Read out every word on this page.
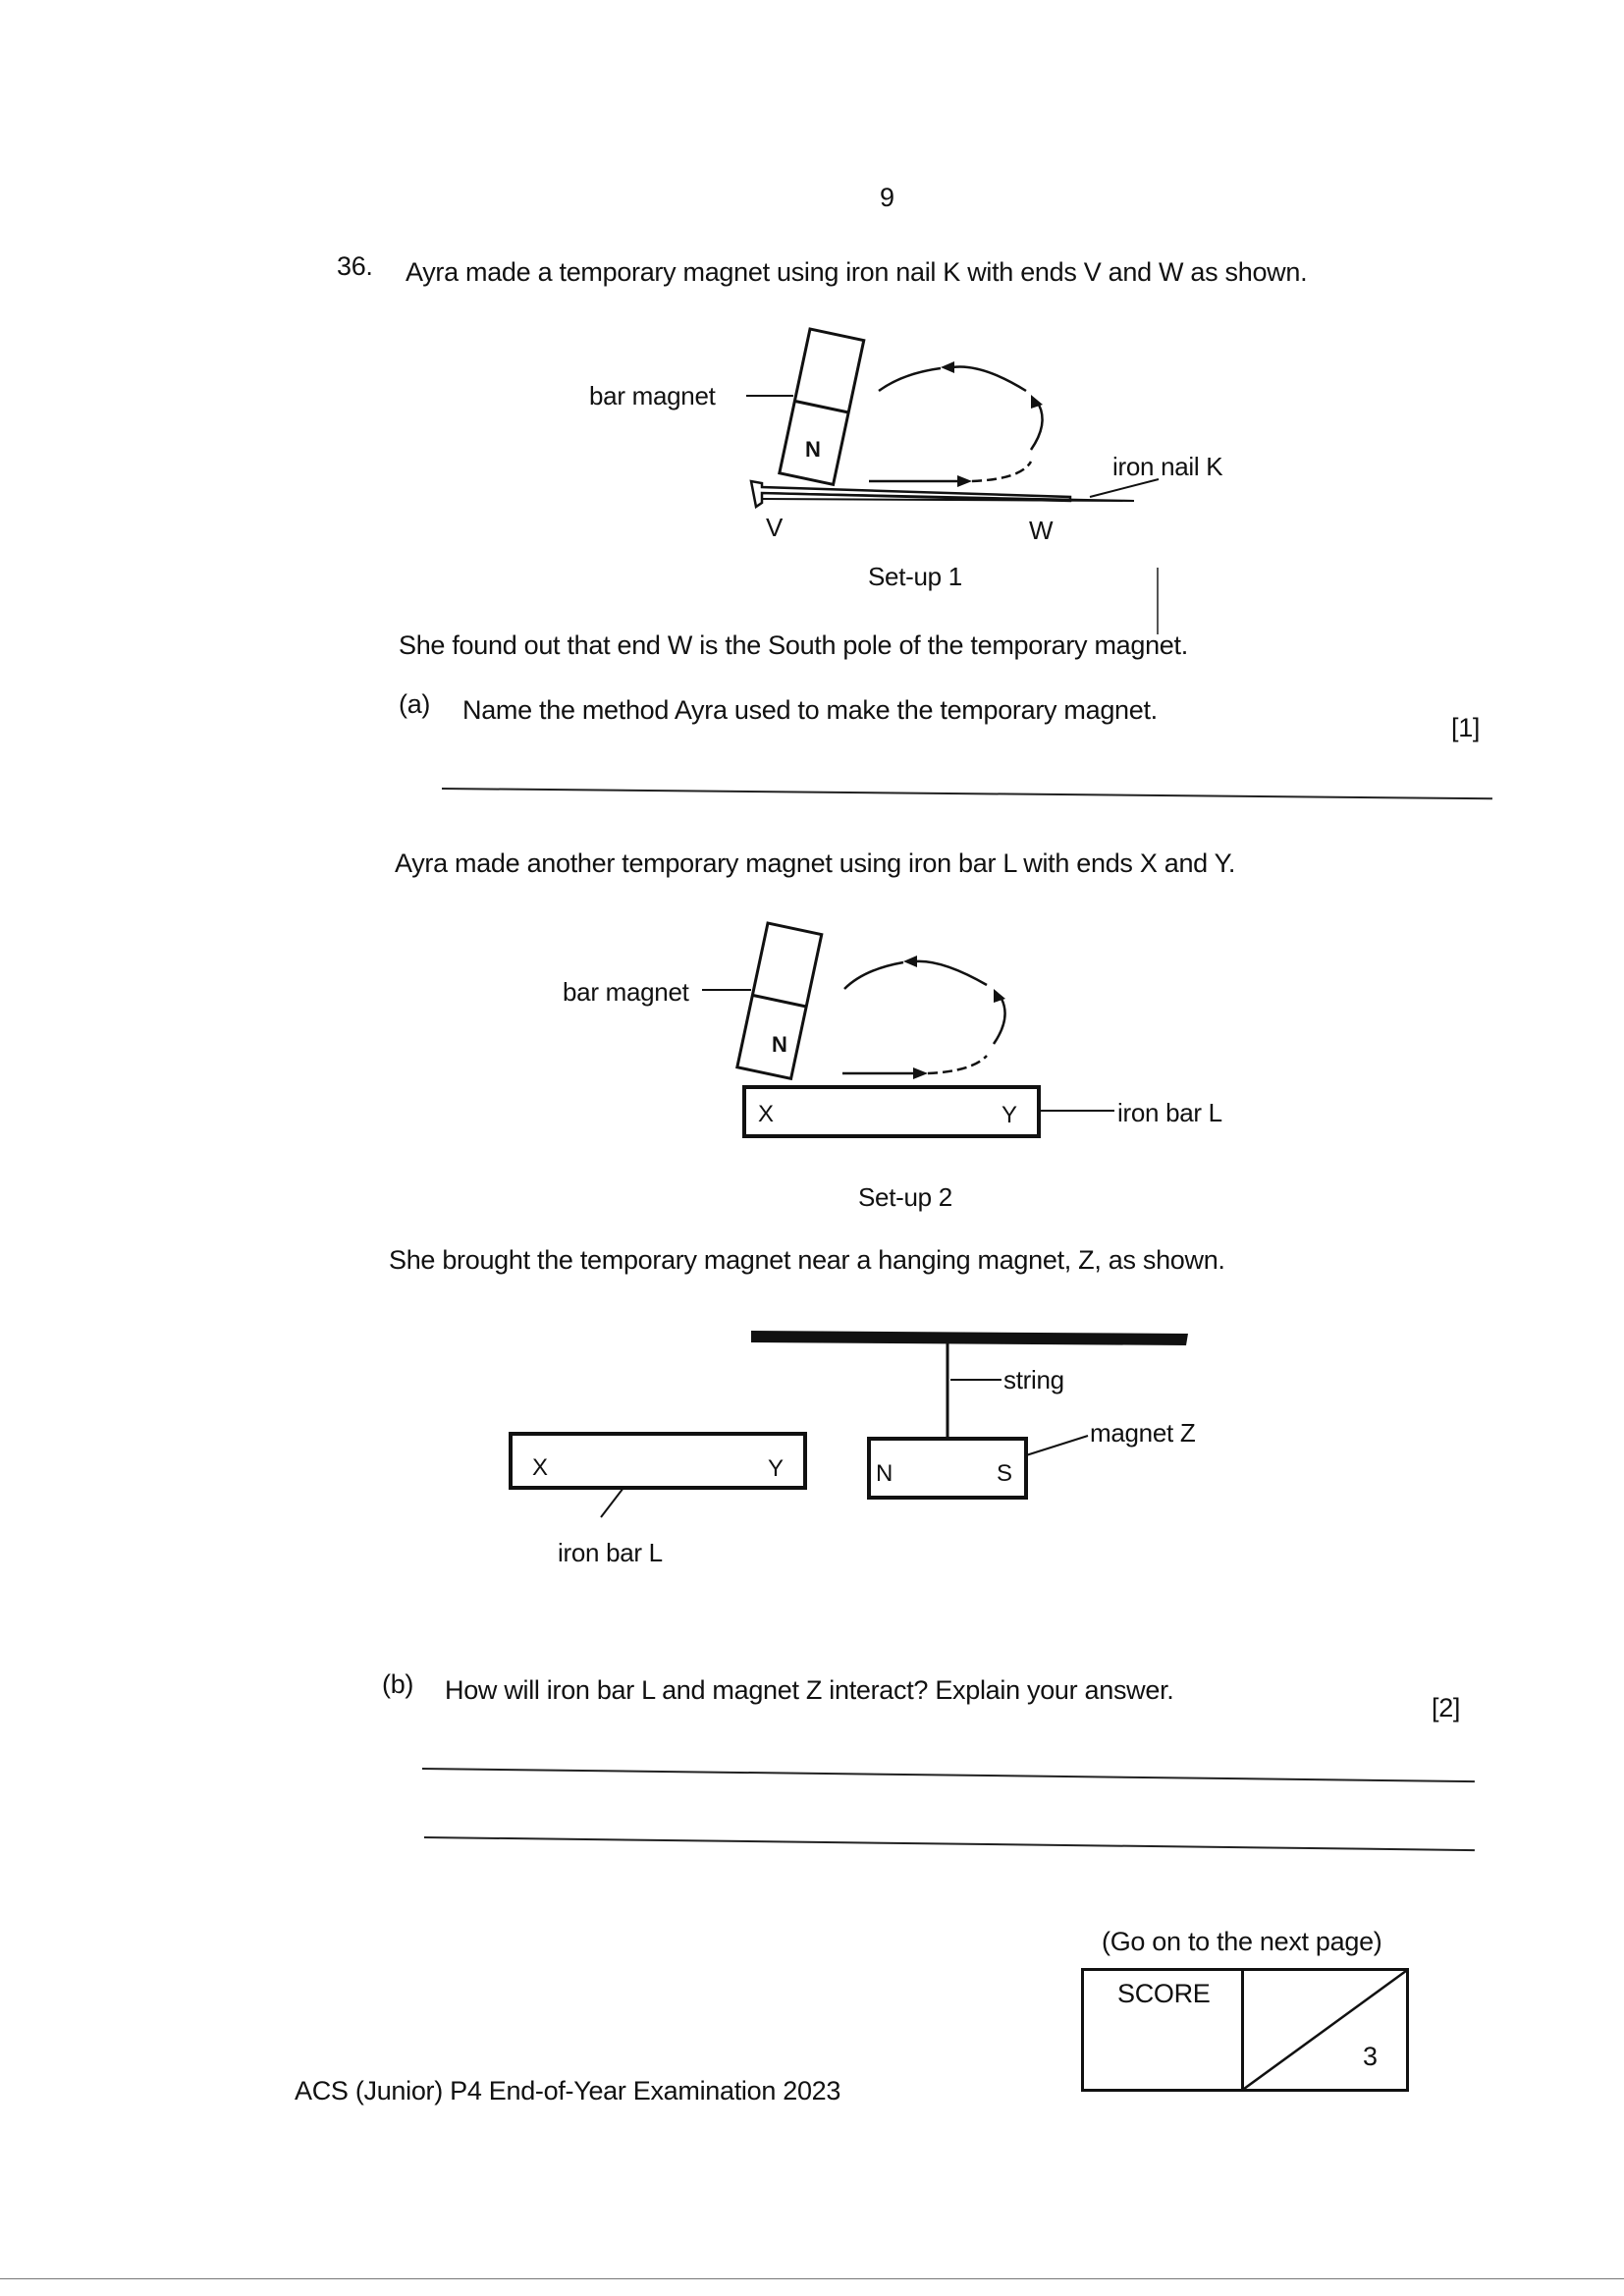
9
36. Ayra made a temporary magnet using iron nail K with ends V and W as shown.
N
bar magnet
iron nail K
V	W
Set-up 1
She found out that end W is the South pole of the temporary magnet.
(a) Name the method Ayra used to make the temporary magnet.
[1]
Ayra made another temporary magnet using iron bar L with ends X and Y.
N
X	Y
bar magnet
iron bar L
Set-up 2
She brought the temporary magnet near a hanging magnet, Z, as shown.
N	S
X	Y
string
magnet Z
iron bar L
(b) How will iron bar L and magnet Z interact? Explain your answer.
[2]
(Go on to the next page)
SCORE
3
ACS (Junior) P4 End-of-Year Examination 2023
